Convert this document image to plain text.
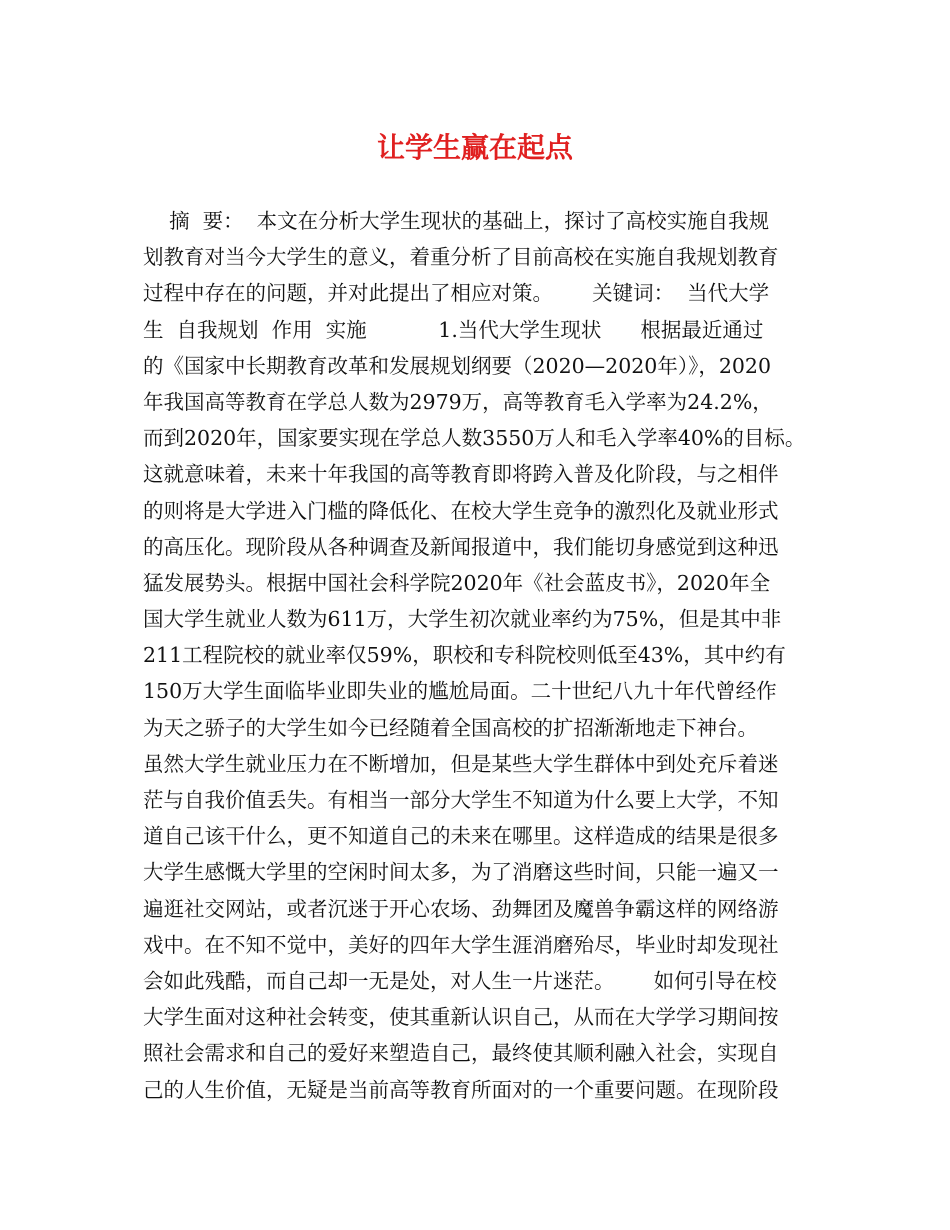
让学生赢在起点
摘  要：  本文在分析大学生现状的基础上，探讨了高校实施自我规
划教育对当今大学生的意义，着重分析了目前高校在实施自我规划教育
过程中存在的问题，并对此提出了相应对策。      关键词：  当代大学
生  自我规划  作用  实施           1.当代大学生现状      根据最近通过
的《国家中长期教育改革和发展规划纲要（2020—2020年）》，2020
年我国高等教育在学总人数为2979万，高等教育毛入学率为24.2%，
而到2020年，国家要实现在学总人数3550万人和毛入学率40%的目标。
这就意味着，未来十年我国的高等教育即将跨入普及化阶段，与之相伴
的则将是大学进入门槛的降低化、在校大学生竞争的激烈化及就业形式
的高压化。现阶段从各种调查及新闻报道中，我们能切身感觉到这种迅
猛发展势头。根据中国社会科学院2020年《社会蓝皮书》，2020年全
国大学生就业人数为611万，大学生初次就业率约为75%，但是其中非
211工程院校的就业率仅59%，职校和专科院校则低至43%，其中约有
150万大学生面临毕业即失业的尴尬局面。二十世纪八九十年代曾经作
为天之骄子的大学生如今已经随着全国高校的扩招渐渐地走下神台。
虽然大学生就业压力在不断增加，但是某些大学生群体中到处充斥着迷
茫与自我价值丢失。有相当一部分大学生不知道为什么要上大学，不知
道自己该干什么，更不知道自己的未来在哪里。这样造成的结果是很多
大学生感慨大学里的空闲时间太多，为了消磨这些时间，只能一遍又一
遍逛社交网站，或者沉迷于开心农场、劲舞团及魔兽争霸这样的网络游
戏中。在不知不觉中，美好的四年大学生涯消磨殆尽，毕业时却发现社
会如此残酷，而自己却一无是处，对人生一片迷茫。      如何引导在校
大学生面对这种社会转变，使其重新认识自己，从而在大学学习期间按
照社会需求和自己的爱好来塑造自己，最终使其顺利融入社会，实现自
己的人生价值，无疑是当前高等教育所面对的一个重要问题。在现阶段
